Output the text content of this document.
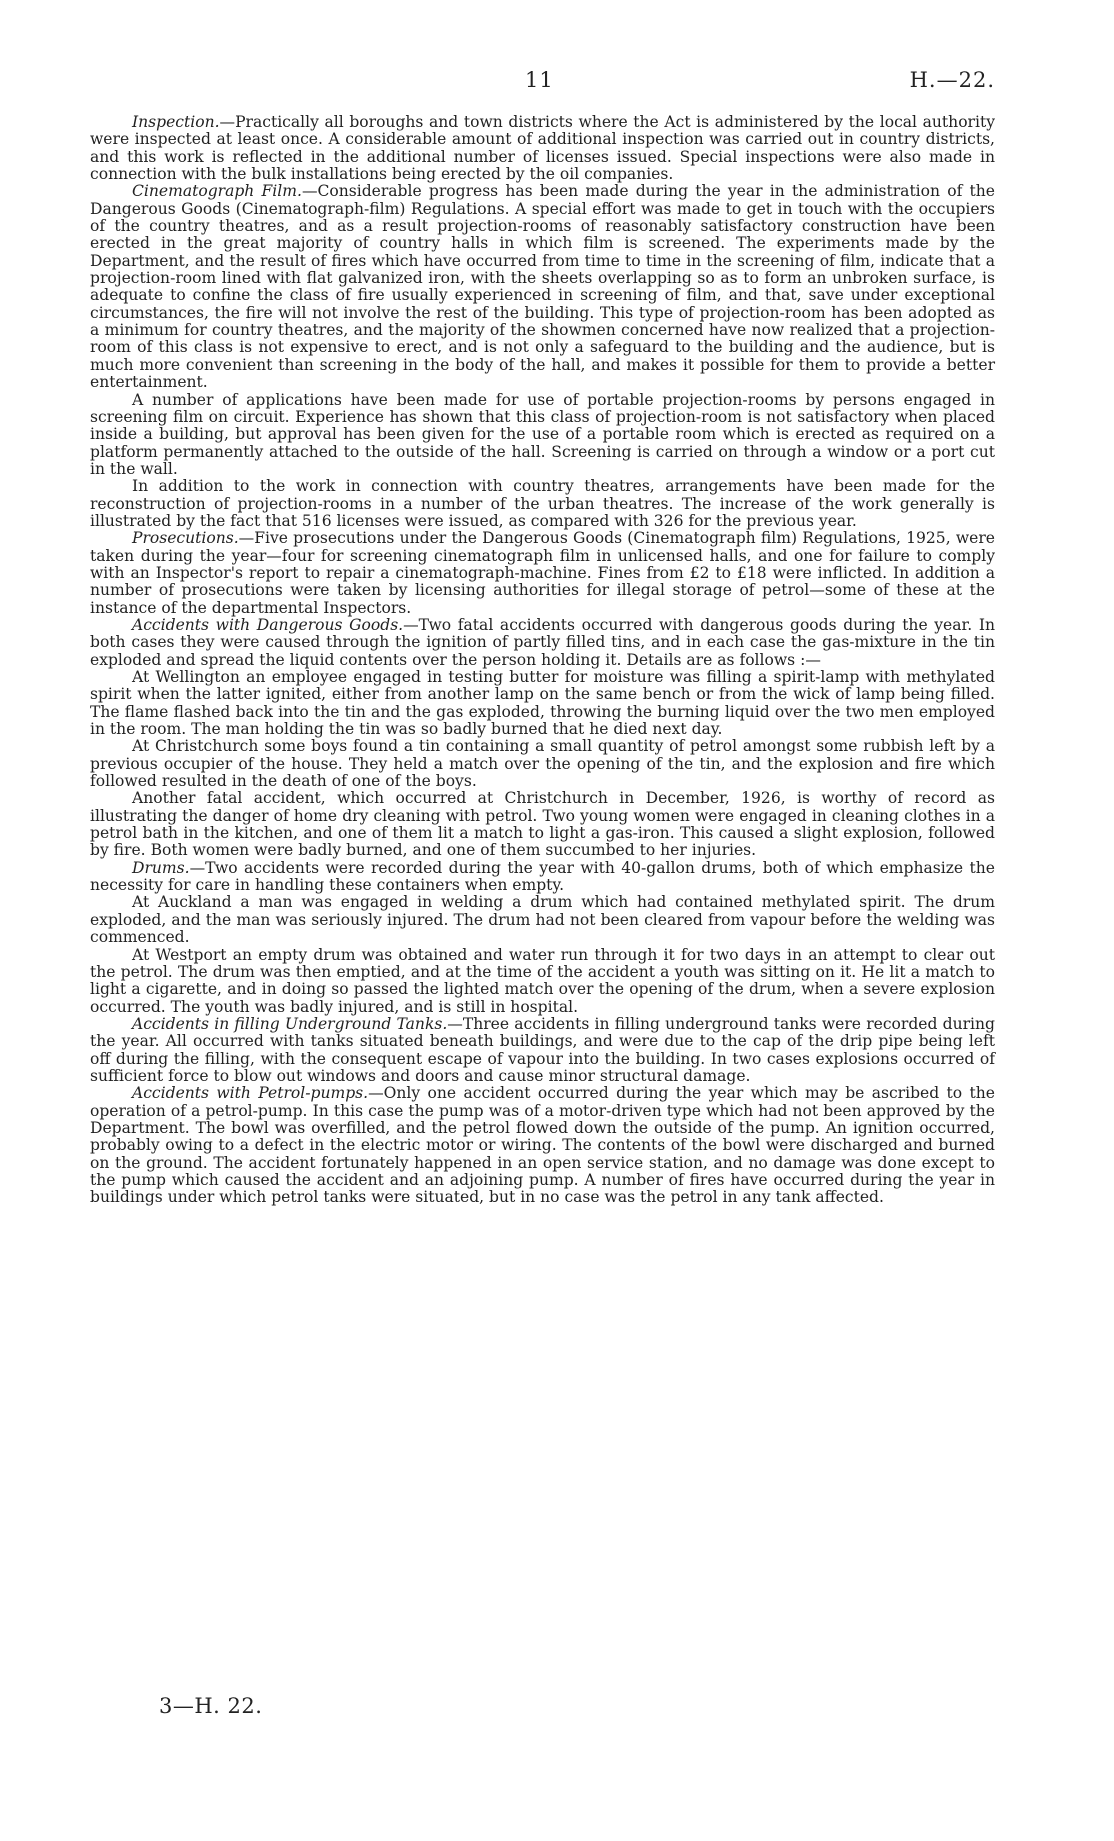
11	H.—22.

Inspection.—Practically all boroughs and town districts where the Act is administered by the local authority were inspected at least once. A considerable amount of additional inspection was carried out in country districts, and this work is reflected in the additional number of licenses issued. Special inspections were also made in connection with the bulk installations being erected by the oil companies.

Cinematograph Film.—Considerable progress has been made during the year in the administration of the Dangerous Goods (Cinematograph-film) Regulations. A special effort was made to get in touch with the occupiers of the country theatres, and as a result projection-rooms of reasonably satisfactory construction have been erected in the great majority of country halls in which film is screened. The experiments made by the Department, and the result of fires which have occurred from time to time in the screening of film, indicate that a projection-room lined with flat galvanized iron, with the sheets overlapping so as to form an unbroken surface, is adequate to confine the class of fire usually experienced in screening of film, and that, save under exceptional circumstances, the fire will not involve the rest of the building. This type of projection-room has been adopted as a minimum for country theatres, and the majority of the showmen concerned have now realized that a projection-room of this class is not expensive to erect, and is not only a safeguard to the building and the audience, but is much more convenient than screening in the body of the hall, and makes it possible for them to provide a better entertainment.

A number of applications have been made for use of portable projection-rooms by persons engaged in screening film on circuit. Experience has shown that this class of projection-room is not satisfactory when placed inside a building, but approval has been given for the use of a portable room which is erected as required on a platform permanently attached to the outside of the hall. Screening is carried on through a window or a port cut in the wall.

In addition to the work in connection with country theatres, arrangements have been made for the reconstruction of projection-rooms in a number of the urban theatres. The increase of the work generally is illustrated by the fact that 516 licenses were issued, as compared with 326 for the previous year.

Prosecutions.—Five prosecutions under the Dangerous Goods (Cinematograph film) Regulations, 1925, were taken during the year—four for screening cinematograph film in unlicensed halls, and one for failure to comply with an Inspector's report to repair a cinematograph-machine. Fines from £2 to £18 were inflicted. In addition a number of prosecutions were taken by licensing authorities for illegal storage of petrol—some of these at the instance of the departmental Inspectors.

Accidents with Dangerous Goods.—Two fatal accidents occurred with dangerous goods during the year. In both cases they were caused through the ignition of partly filled tins, and in each case the gas-mixture in the tin exploded and spread the liquid contents over the person holding it. Details are as follows :—

At Wellington an employee engaged in testing butter for moisture was filling a spirit-lamp with methylated spirit when the latter ignited, either from another lamp on the same bench or from the wick of lamp being filled. The flame flashed back into the tin and the gas exploded, throwing the burning liquid over the two men employed in the room. The man holding the tin was so badly burned that he died next day.

At Christchurch some boys found a tin containing a small quantity of petrol amongst some rubbish left by a previous occupier of the house. They held a match over the opening of the tin, and the explosion and fire which followed resulted in the death of one of the boys.

Another fatal accident, which occurred at Christchurch in December, 1926, is worthy of record as illustrating the danger of home dry cleaning with petrol. Two young women were engaged in cleaning clothes in a petrol bath in the kitchen, and one of them lit a match to light a gas-iron. This caused a slight explosion, followed by fire. Both women were badly burned, and one of them succumbed to her injuries.

Drums.—Two accidents were recorded during the year with 40-gallon drums, both of which emphasize the necessity for care in handling these containers when empty.

At Auckland a man was engaged in welding a drum which had contained methylated spirit. The drum exploded, and the man was seriously injured. The drum had not been cleared from vapour before the welding was commenced.

At Westport an empty drum was obtained and water run through it for two days in an attempt to clear out the petrol. The drum was then emptied, and at the time of the accident a youth was sitting on it. He lit a match to light a cigarette, and in doing so passed the lighted match over the opening of the drum, when a severe explosion occurred. The youth was badly injured, and is still in hospital.

Accidents in filling Underground Tanks.—Three accidents in filling underground tanks were recorded during the year. All occurred with tanks situated beneath buildings, and were due to the cap of the drip pipe being left off during the filling, with the consequent escape of vapour into the building. In two cases explosions occurred of sufficient force to blow out windows and doors and cause minor structural damage.

Accidents with Petrol-pumps.—Only one accident occurred during the year which may be ascribed to the operation of a petrol-pump. In this case the pump was of a motor-driven type which had not been approved by the Department. The bowl was overfilled, and the petrol flowed down the outside of the pump. An ignition occurred, probably owing to a defect in the electric motor or wiring. The contents of the bowl were discharged and burned on the ground. The accident fortunately happened in an open service station, and no damage was done except to the pump which caused the accident and an adjoining pump. A number of fires have occurred during the year in buildings under which petrol tanks were situated, but in no case was the petrol in any tank affected.

3—H. 22.
